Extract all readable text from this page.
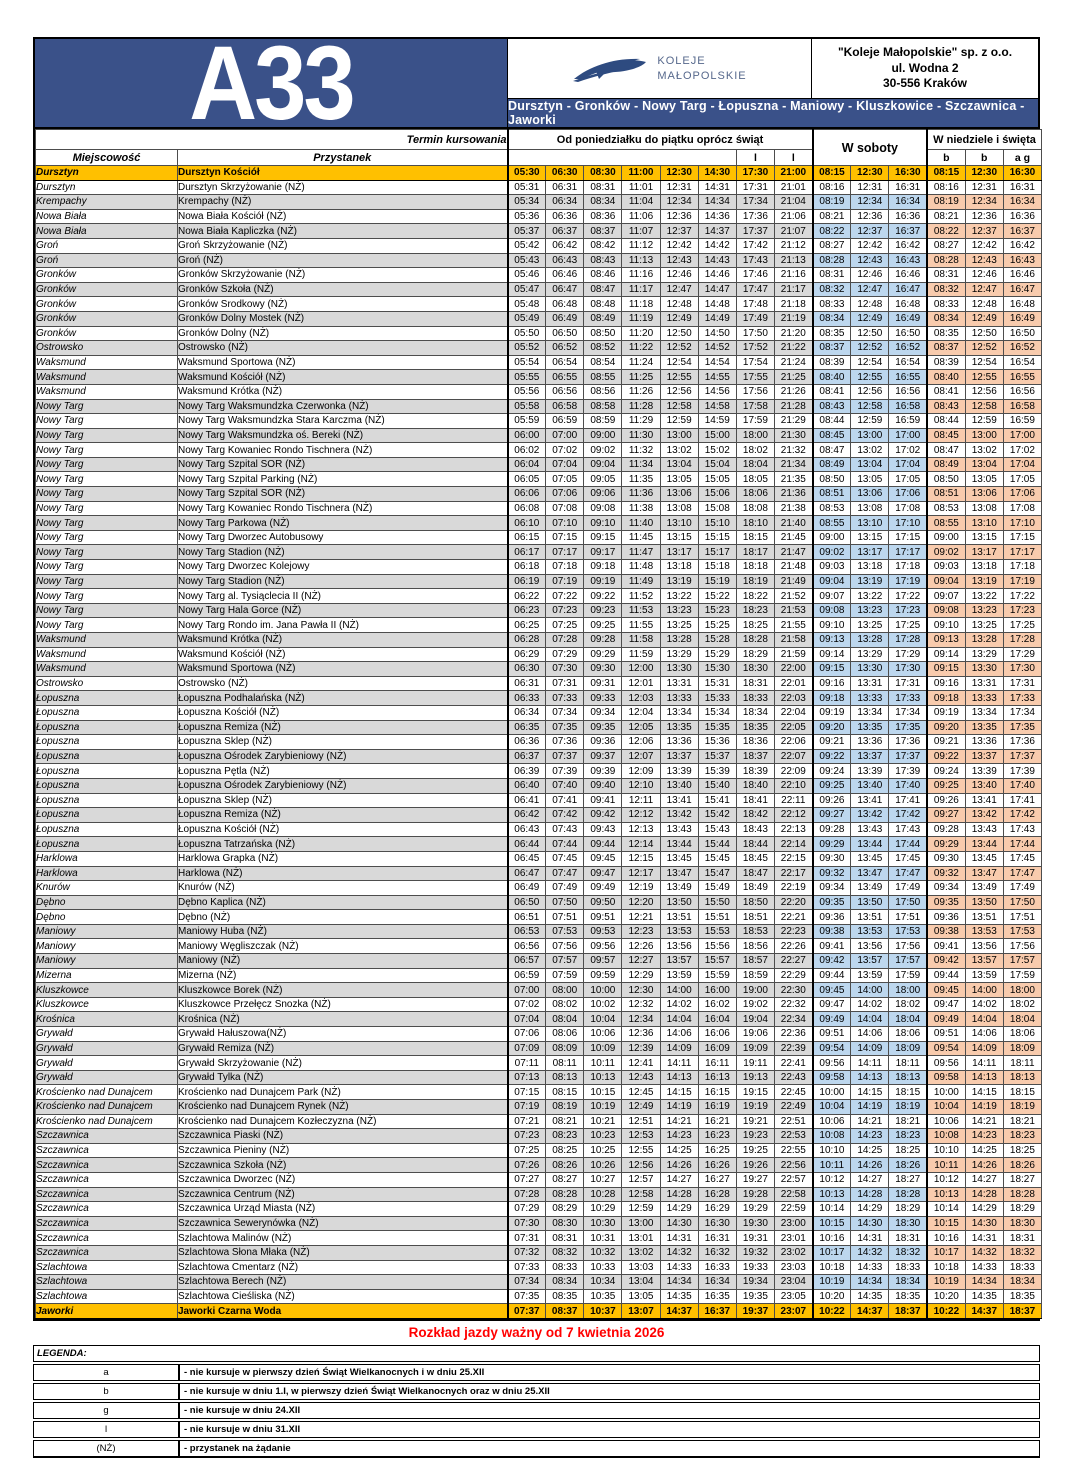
A33	KOLEJE
MAŁOPOLSKIE
"Koleje Małopolskie" sp. z o.o.
ul. Wodna 2
30-556 Kraków
Dursztyn - Gronków - Nowy Targ - Łopuszna - Maniowy - Kluszkowice - Szczawnica - Jaworki
Termin kursowania		Od poniedziałku do piątku oprócz świąt								W soboty			W niedziele i święta		
Miejscowość	Przystanek							l	l				b	b	a g
Dursztyn	Dursztyn Kościół	05:30	06:30	08:30	11:00	12:30	14:30	17:30	21:00	08:15	12:30	16:30	08:15	12:30	16:30
Dursztyn	Dursztyn Skrzyżowanie (NŻ)	05:31	06:31	08:31	11:01	12:31	14:31	17:31	21:01	08:16	12:31	16:31	08:16	12:31	16:31
Krempachy	Krempachy (NŻ)	05:34	06:34	08:34	11:04	12:34	14:34	17:34	21:04	08:19	12:34	16:34	08:19	12:34	16:34
Nowa Biała	Nowa Biała Kościół (NŻ)	05:36	06:36	08:36	11:06	12:36	14:36	17:36	21:06	08:21	12:36	16:36	08:21	12:36	16:36
Nowa Biała	Nowa Biała Kapliczka (NŻ)	05:37	06:37	08:37	11:07	12:37	14:37	17:37	21:07	08:22	12:37	16:37	08:22	12:37	16:37
Groń	Groń Skrzyżowanie (NŻ)	05:42	06:42	08:42	11:12	12:42	14:42	17:42	21:12	08:27	12:42	16:42	08:27	12:42	16:42
Groń	Groń (NŻ)	05:43	06:43	08:43	11:13	12:43	14:43	17:43	21:13	08:28	12:43	16:43	08:28	12:43	16:43
Gronków	Gronków Skrzyżowanie (NŻ)	05:46	06:46	08:46	11:16	12:46	14:46	17:46	21:16	08:31	12:46	16:46	08:31	12:46	16:46
Gronków	Gronków Szkoła (NŻ)	05:47	06:47	08:47	11:17	12:47	14:47	17:47	21:17	08:32	12:47	16:47	08:32	12:47	16:47
Gronków	Gronków Srodkowy (NŻ)	05:48	06:48	08:48	11:18	12:48	14:48	17:48	21:18	08:33	12:48	16:48	08:33	12:48	16:48
Gronków	Gronków Dolny Mostek (NŻ)	05:49	06:49	08:49	11:19	12:49	14:49	17:49	21:19	08:34	12:49	16:49	08:34	12:49	16:49
Gronków	Gronków Dolny (NŻ)	05:50	06:50	08:50	11:20	12:50	14:50	17:50	21:20	08:35	12:50	16:50	08:35	12:50	16:50
Ostrowsko	Ostrowsko (NŻ)	05:52	06:52	08:52	11:22	12:52	14:52	17:52	21:22	08:37	12:52	16:52	08:37	12:52	16:52
Waksmund	Waksmund Sportowa (NŻ)	05:54	06:54	08:54	11:24	12:54	14:54	17:54	21:24	08:39	12:54	16:54	08:39	12:54	16:54
Waksmund	Waksmund Kościół (NŻ)	05:55	06:55	08:55	11:25	12:55	14:55	17:55	21:25	08:40	12:55	16:55	08:40	12:55	16:55
Waksmund	Waksmund Krótka (NŻ)	05:56	06:56	08:56	11:26	12:56	14:56	17:56	21:26	08:41	12:56	16:56	08:41	12:56	16:56
Nowy Targ	Nowy Targ Waksmundzka Czerwonka (NŻ)	05:58	06:58	08:58	11:28	12:58	14:58	17:58	21:28	08:43	12:58	16:58	08:43	12:58	16:58
Nowy Targ	Nowy Targ Waksmundzka Stara Karczma (NŻ)	05:59	06:59	08:59	11:29	12:59	14:59	17:59	21:29	08:44	12:59	16:59	08:44	12:59	16:59
Nowy Targ	Nowy Targ Waksmundzka oś. Bereki (NŻ)	06:00	07:00	09:00	11:30	13:00	15:00	18:00	21:30	08:45	13:00	17:00	08:45	13:00	17:00
Nowy Targ	Nowy Targ Kowaniec Rondo Tischnera (NŻ)	06:02	07:02	09:02	11:32	13:02	15:02	18:02	21:32	08:47	13:02	17:02	08:47	13:02	17:02
Nowy Targ	Nowy Targ Szpital SOR (NŻ)	06:04	07:04	09:04	11:34	13:04	15:04	18:04	21:34	08:49	13:04	17:04	08:49	13:04	17:04
Nowy Targ	Nowy Targ Szpital Parking (NŻ)	06:05	07:05	09:05	11:35	13:05	15:05	18:05	21:35	08:50	13:05	17:05	08:50	13:05	17:05
Nowy Targ	Nowy Targ Szpital SOR (NŻ)	06:06	07:06	09:06	11:36	13:06	15:06	18:06	21:36	08:51	13:06	17:06	08:51	13:06	17:06
Nowy Targ	Nowy Targ Kowaniec Rondo Tischnera (NŻ)	06:08	07:08	09:08	11:38	13:08	15:08	18:08	21:38	08:53	13:08	17:08	08:53	13:08	17:08
Nowy Targ	Nowy Targ Parkowa (NŻ)	06:10	07:10	09:10	11:40	13:10	15:10	18:10	21:40	08:55	13:10	17:10	08:55	13:10	17:10
Nowy Targ	Nowy Targ Dworzec Autobusowy	06:15	07:15	09:15	11:45	13:15	15:15	18:15	21:45	09:00	13:15	17:15	09:00	13:15	17:15
Nowy Targ	Nowy Targ Stadion (NŻ)	06:17	07:17	09:17	11:47	13:17	15:17	18:17	21:47	09:02	13:17	17:17	09:02	13:17	17:17
Nowy Targ	Nowy Targ Dworzec Kolejowy	06:18	07:18	09:18	11:48	13:18	15:18	18:18	21:48	09:03	13:18	17:18	09:03	13:18	17:18
Nowy Targ	Nowy Targ Stadion (NŻ)	06:19	07:19	09:19	11:49	13:19	15:19	18:19	21:49	09:04	13:19	17:19	09:04	13:19	17:19
Nowy Targ	Nowy Targ al. Tysiąclecia II (NŻ)	06:22	07:22	09:22	11:52	13:22	15:22	18:22	21:52	09:07	13:22	17:22	09:07	13:22	17:22
Nowy Targ	Nowy Targ Hala Gorce (NŻ)	06:23	07:23	09:23	11:53	13:23	15:23	18:23	21:53	09:08	13:23	17:23	09:08	13:23	17:23
Nowy Targ	Nowy Targ Rondo im. Jana Pawła II (NŻ)	06:25	07:25	09:25	11:55	13:25	15:25	18:25	21:55	09:10	13:25	17:25	09:10	13:25	17:25
Waksmund	Waksmund Krótka (NŻ)	06:28	07:28	09:28	11:58	13:28	15:28	18:28	21:58	09:13	13:28	17:28	09:13	13:28	17:28
Waksmund	Waksmund Kościół (NŻ)	06:29	07:29	09:29	11:59	13:29	15:29	18:29	21:59	09:14	13:29	17:29	09:14	13:29	17:29
Waksmund	Waksmund Sportowa (NŻ)	06:30	07:30	09:30	12:00	13:30	15:30	18:30	22:00	09:15	13:30	17:30	09:15	13:30	17:30
Ostrowsko	Ostrowsko (NŻ)	06:31	07:31	09:31	12:01	13:31	15:31	18:31	22:01	09:16	13:31	17:31	09:16	13:31	17:31
Łopuszna	Łopuszna Podhalańska (NŻ)	06:33	07:33	09:33	12:03	13:33	15:33	18:33	22:03	09:18	13:33	17:33	09:18	13:33	17:33
Łopuszna	Łopuszna Kościół (NŻ)	06:34	07:34	09:34	12:04	13:34	15:34	18:34	22:04	09:19	13:34	17:34	09:19	13:34	17:34
Łopuszna	Łopuszna Remiza (NŻ)	06:35	07:35	09:35	12:05	13:35	15:35	18:35	22:05	09:20	13:35	17:35	09:20	13:35	17:35
Łopuszna	Łopuszna Sklep (NŻ)	06:36	07:36	09:36	12:06	13:36	15:36	18:36	22:06	09:21	13:36	17:36	09:21	13:36	17:36
Łopuszna	Łopuszna Ośrodek Zarybieniowy (NŻ)	06:37	07:37	09:37	12:07	13:37	15:37	18:37	22:07	09:22	13:37	17:37	09:22	13:37	17:37
Łopuszna	Łopuszna Pętla (NŻ)	06:39	07:39	09:39	12:09	13:39	15:39	18:39	22:09	09:24	13:39	17:39	09:24	13:39	17:39
Łopuszna	Łopuszna Ośrodek Zarybieniowy (NŻ)	06:40	07:40	09:40	12:10	13:40	15:40	18:40	22:10	09:25	13:40	17:40	09:25	13:40	17:40
Łopuszna	Łopuszna Sklep (NŻ)	06:41	07:41	09:41	12:11	13:41	15:41	18:41	22:11	09:26	13:41	17:41	09:26	13:41	17:41
Łopuszna	Łopuszna Remiza (NŻ)	06:42	07:42	09:42	12:12	13:42	15:42	18:42	22:12	09:27	13:42	17:42	09:27	13:42	17:42
Łopuszna	Łopuszna Kościół (NŻ)	06:43	07:43	09:43	12:13	13:43	15:43	18:43	22:13	09:28	13:43	17:43	09:28	13:43	17:43
Łopuszna	Łopuszna Tatrzańska (NŻ)	06:44	07:44	09:44	12:14	13:44	15:44	18:44	22:14	09:29	13:44	17:44	09:29	13:44	17:44
Harklowa	Harklowa Grapka (NŻ)	06:45	07:45	09:45	12:15	13:45	15:45	18:45	22:15	09:30	13:45	17:45	09:30	13:45	17:45
Harklowa	Harklowa (NŻ)	06:47	07:47	09:47	12:17	13:47	15:47	18:47	22:17	09:32	13:47	17:47	09:32	13:47	17:47
Knurów	Knurów (NŻ)	06:49	07:49	09:49	12:19	13:49	15:49	18:49	22:19	09:34	13:49	17:49	09:34	13:49	17:49
Dębno	Dębno Kaplica (NŻ)	06:50	07:50	09:50	12:20	13:50	15:50	18:50	22:20	09:35	13:50	17:50	09:35	13:50	17:50
Dębno	Dębno (NŻ)	06:51	07:51	09:51	12:21	13:51	15:51	18:51	22:21	09:36	13:51	17:51	09:36	13:51	17:51
Maniowy	Maniowy Huba (NŻ)	06:53	07:53	09:53	12:23	13:53	15:53	18:53	22:23	09:38	13:53	17:53	09:38	13:53	17:53
Maniowy	Maniowy Węgliszczak (NŻ)	06:56	07:56	09:56	12:26	13:56	15:56	18:56	22:26	09:41	13:56	17:56	09:41	13:56	17:56
Maniowy	Maniowy (NŻ)	06:57	07:57	09:57	12:27	13:57	15:57	18:57	22:27	09:42	13:57	17:57	09:42	13:57	17:57
Mizerna	Mizerna (NŻ)	06:59	07:59	09:59	12:29	13:59	15:59	18:59	22:29	09:44	13:59	17:59	09:44	13:59	17:59
Kluszkowce	Kluszkowce Borek (NŻ)	07:00	08:00	10:00	12:30	14:00	16:00	19:00	22:30	09:45	14:00	18:00	09:45	14:00	18:00
Kluszkowce	Kluszkowce Przełęcz Snozka (NŻ)	07:02	08:02	10:02	12:32	14:02	16:02	19:02	22:32	09:47	14:02	18:02	09:47	14:02	18:02
Krośnica	Krośnica (NŻ)	07:04	08:04	10:04	12:34	14:04	16:04	19:04	22:34	09:49	14:04	18:04	09:49	14:04	18:04
Grywałd	Grywałd Hałuszowa(NŻ)	07:06	08:06	10:06	12:36	14:06	16:06	19:06	22:36	09:51	14:06	18:06	09:51	14:06	18:06
Grywałd	Grywałd Remiza (NŻ)	07:09	08:09	10:09	12:39	14:09	16:09	19:09	22:39	09:54	14:09	18:09	09:54	14:09	18:09
Grywałd	Grywałd Skrzyżowanie (NŻ)	07:11	08:11	10:11	12:41	14:11	16:11	19:11	22:41	09:56	14:11	18:11	09:56	14:11	18:11
Grywałd	Grywałd Tylka (NŻ)	07:13	08:13	10:13	12:43	14:13	16:13	19:13	22:43	09:58	14:13	18:13	09:58	14:13	18:13
Krościenko nad Dunajcem	Krościenko nad Dunajcem Park (NŻ)	07:15	08:15	10:15	12:45	14:15	16:15	19:15	22:45	10:00	14:15	18:15	10:00	14:15	18:15
Krościenko nad Dunajcem	Krościenko nad Dunajcem Rynek (NŻ)	07:19	08:19	10:19	12:49	14:19	16:19	19:19	22:49	10:04	14:19	18:19	10:04	14:19	18:19
Krościenko nad Dunajcem	Krościenko nad Dunajcem Kozłeczyzna (NŻ)	07:21	08:21	10:21	12:51	14:21	16:21	19:21	22:51	10:06	14:21	18:21	10:06	14:21	18:21
Szczawnica	Szczawnica Piaski (NŻ)	07:23	08:23	10:23	12:53	14:23	16:23	19:23	22:53	10:08	14:23	18:23	10:08	14:23	18:23
Szczawnica	Szczawnica Pieniny (NŻ)	07:25	08:25	10:25	12:55	14:25	16:25	19:25	22:55	10:10	14:25	18:25	10:10	14:25	18:25
Szczawnica	Szczawnica Szkoła (NŻ)	07:26	08:26	10:26	12:56	14:26	16:26	19:26	22:56	10:11	14:26	18:26	10:11	14:26	18:26
Szczawnica	Szczawnica Dworzec (NŻ)	07:27	08:27	10:27	12:57	14:27	16:27	19:27	22:57	10:12	14:27	18:27	10:12	14:27	18:27
Szczawnica	Szczawnica Centrum (NŻ)	07:28	08:28	10:28	12:58	14:28	16:28	19:28	22:58	10:13	14:28	18:28	10:13	14:28	18:28
Szczawnica	Szczawnica Urząd Miasta (NŻ)	07:29	08:29	10:29	12:59	14:29	16:29	19:29	22:59	10:14	14:29	18:29	10:14	14:29	18:29
Szczawnica	Szczawnica Sewerynówka (NŻ)	07:30	08:30	10:30	13:00	14:30	16:30	19:30	23:00	10:15	14:30	18:30	10:15	14:30	18:30
Szczawnica	Szlachtowa Malinów (NŻ)	07:31	08:31	10:31	13:01	14:31	16:31	19:31	23:01	10:16	14:31	18:31	10:16	14:31	18:31
Szczawnica	Szlachtowa Słona Młaka (NŻ)	07:32	08:32	10:32	13:02	14:32	16:32	19:32	23:02	10:17	14:32	18:32	10:17	14:32	18:32
Szlachtowa	Szlachtowa Cmentarz (NŻ)	07:33	08:33	10:33	13:03	14:33	16:33	19:33	23:03	10:18	14:33	18:33	10:18	14:33	18:33
Szlachtowa	Szlachtowa Berech (NŻ)	07:34	08:34	10:34	13:04	14:34	16:34	19:34	23:04	10:19	14:34	18:34	10:19	14:34	18:34
Szlachtowa	Szlachtowa Cieśliska (NŻ)	07:35	08:35	10:35	13:05	14:35	16:35	19:35	23:05	10:20	14:35	18:35	10:20	14:35	18:35
Jaworki	Jaworki Czarna Woda	07:37	08:37	10:37	13:07	14:37	16:37	19:37	23:07	10:22	14:37	18:37	10:22	14:37	18:37
Rozkład jazdy ważny od 7 kwietnia 2026
LEGENDA:	
a	- nie kursuje w pierwszy dzień Świąt Wielkanocnych i w dniu 25.XII
b	- nie kursuje w dniu 1.I, w pierwszy dzień Świąt Wielkanocnych oraz w dniu 25.XII
g	- nie kursuje w dniu 24.XII
l	- nie kursuje w dniu 31.XII
(NŻ)	- przystanek na żądanie
